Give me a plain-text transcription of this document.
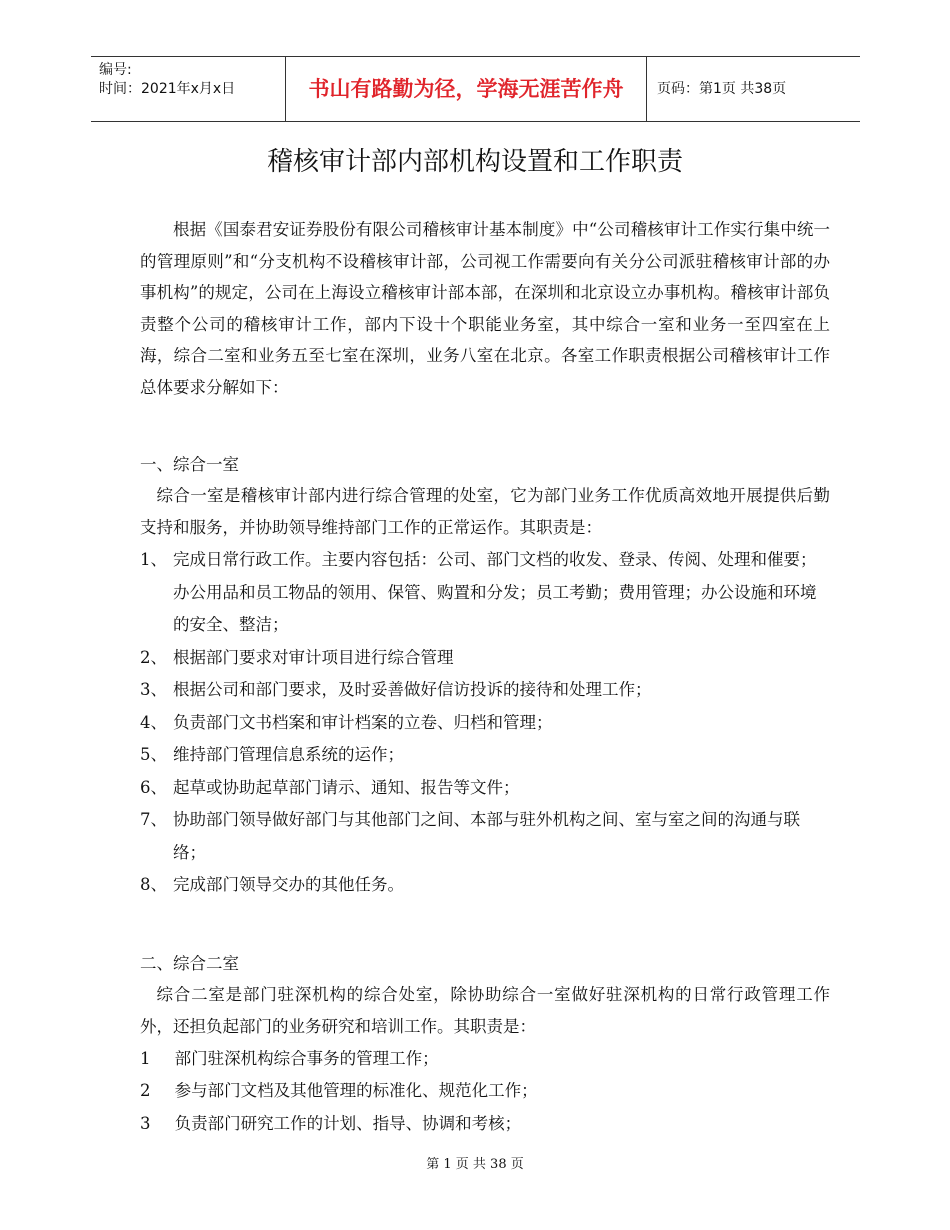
编号:
时间：2021年x月x日	书山有路勤为径，学海无涯苦作舟	页码：第1页 共38页
稽核审计部内部机构设置和工作职责

根据《国泰君安证券股份有限公司稽核审计基本制度》中“公司稽核审计工作实行集中统一的管理原则”和“分支机构不设稽核审计部，公司视工作需要向有关分公司派驻稽核审计部的办事机构”的规定，公司在上海设立稽核审计部本部，在深圳和北京设立办事机构。稽核审计部负责整个公司的稽核审计工作，部内下设十个职能业务室，其中综合一室和业务一至四室在上海，综合二室和业务五至七室在深圳，业务八室在北京。各室工作职责根据公司稽核审计工作总体要求分解如下：

一、综合一室

综合一室是稽核审计部内进行综合管理的处室，它为部门业务工作优质高效地开展提供后勤支持和服务，并协助领导维持部门工作的正常运作。其职责是：

1、 完成日常行政工作。主要内容包括：公司、部门文档的收发、登录、传阅、处理和催要；办公用品和员工物品的领用、保管、购置和分发；员工考勤；费用管理；办公设施和环境的安全、整洁；
2、 根据部门要求对审计项目进行综合管理
3、 根据公司和部门要求，及时妥善做好信访投诉的接待和处理工作；
4、 负责部门文书档案和审计档案的立卷、归档和管理；
5、 维持部门管理信息系统的运作；
6、 起草或协助起草部门请示、通知、报告等文件；
7、 协助部门领导做好部门与其他部门之间、本部与驻外机构之间、室与室之间的沟通与联络；
8、 完成部门领导交办的其他任务。
二、综合二室

综合二室是部门驻深机构的综合处室，除协助综合一室做好驻深机构的日常行政管理工作外，还担负起部门的业务研究和培训工作。其职责是：

1 部门驻深机构综合事务的管理工作；
2 参与部门文档及其他管理的标准化、规范化工作；
3 负责部门研究工作的计划、指导、协调和考核；
第 1 页 共 38 页
